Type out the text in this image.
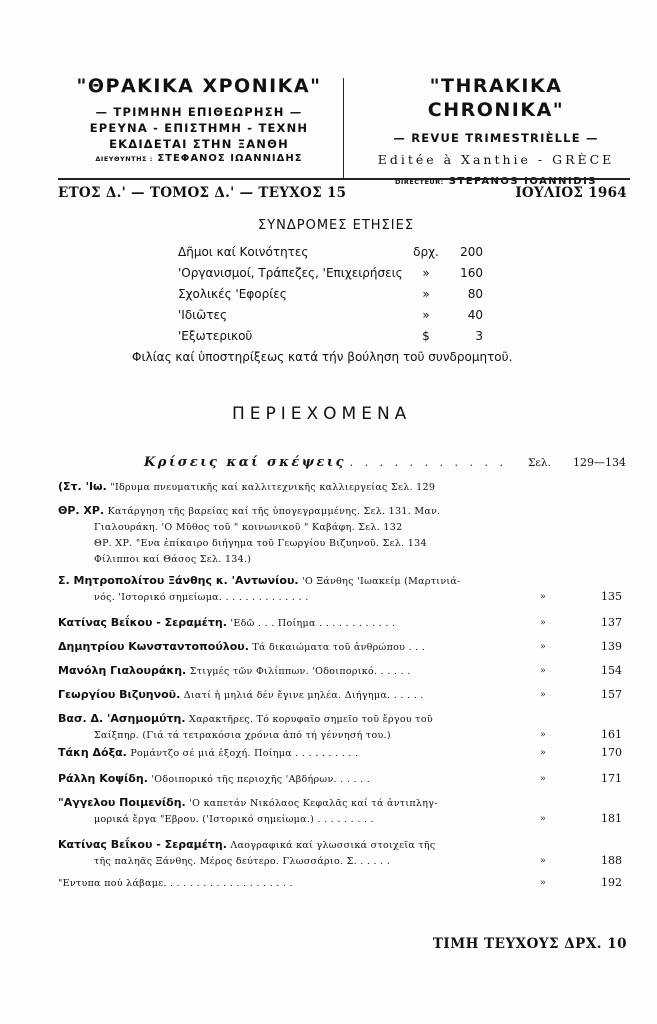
"ΘΡΑΚΙΚΑ ΧΡΟΝΙΚΑ"
— ΤΡΙΜΗΝΗ ΕΠΙΘΕΩΡΗΣΗ —
ΕΡΕΥΝΑ - ΕΠΙΣΤΗΜΗ - ΤΕΧΝΗ
ΕΚΔΙΔΕΤΑΙ ΣΤΗΝ ΞΑΝΘΗ
ΔΙΕΥΘΥΝΤΗΣ : ΣΤΕΦΑΝΟΣ ΙΩΑΝΝΙΔΗΣ
"THRAKIKA CHRONIKA"
— REVUE TRIMESTRIÈLLE —
Editée à Xanthie - GRÈCE
DIRECTEUR: STEFANOS IOANNIDIS
ΕΤΟΣ Δ.' — ΤΟΜΟΣ Δ.' — ΤΕΥΧΟΣ 15	ΙΟΥΛΙΟΣ 1964
ΣΥΝΔΡΟΜΕΣ ΕΤΗΣΙΕΣ
Δῆμοι καί Κοινότητες	δρχ.	200
'Οργανισμοί, Τράπεζες, 'Επιχειρήσεις	»	160
Σχολικές 'Εφορίες	»	80
'Ιδιῶτες	»	40
'Εξωτερικοῦ	$	3
Φιλίας καί ὑποστηρίξεως κατά τήν βούληση τοῦ συνδρομητοῦ.
ΠΕΡΙΕΧΟΜΕΝΑ
Κρίσεις καί σκέψεις . . . . . . . . . . . Σελ. 129—134
(Στ. 'Ιω. "Ιδρυμα πνευματικῆς καί καλλιτεχνικῆς καλλιεργείας Σελ. 129
ΘΡ. ΧΡ. Κατάργηση τῆς βαρείας καί τῆς ὑπογεγραμμένης. Σελ. 131. Μαν.
Γιαλουράκη. 'Ο Μῦθος τοῦ " κοινωνικοῦ " Καβάφη. Σελ. 132
ΘΡ. ΧΡ. "Ενα ἐπίκαιρο διήγημα τοῦ Γεωργίου Βιζυηνοῦ. Σελ. 134
Φίλιπποι καί Θάσος Σελ. 134.)
Σ. Μητροπολίτου Ξάνθης κ. 'Αντωνίου. 'Ο Ξάνθης 'Ιωακείμ (Μαρτινιά-
νός. 'Ιστορικό σημείωμα. . . . . . . . . . . . . .	»	135
Κατίνας Βεΐκου - Σεραμέτη. 'Εδῶ . . . Ποίημα . . . . . . . . . . . .	»	137
Δημητρίου Κωνσταντοπούλου. Τά δικαιώματα τοῦ ἀνθρώπου . . .	»	139
Μανόλη Γιαλουράκη. Στιγμές τῶν Φιλίππων. 'Οδοιπορικό. . . . . .	»	154
Γεωργίου Βιζυηνοῦ. Διατί ἡ μηλιά δέν ἔγινε μηλέα. Διήγημα. . . . . .	»	157
Βασ. Δ. 'Ασημομύτη. Χαρακτῆρες. Τό κορυφαῖο σημεῖο τοῦ ἔργου τοῦ
Σαίξπηρ. (Γιά τά τετρακόσια χρόνια ἀπό τή γέννησή του.)	»	161
Τάκη Δόξα. Ρομάντζο σέ μιά ἐξοχή. Ποίημα . . . . . . . . . .	»	170
Ράλλη Κοψίδη. 'Οδοιπορικό τῆς περιοχῆς 'Αβδήρων. . . . . .	»	171
"Αγγελου Ποιμενίδη. 'Ο καπετάν Νικόλαος Κεφαλᾶς καί τά ἀντιπληγ-
μορικά ἔργα "Εβρου. ('Ιστορικό σημείωμα.) . . . . . . . . .	»	181
Κατίνας Βεΐκου - Σεραμέτη. Λαογραφικά καί γλωσσικά στοιχεῖα τῆς
τῆς παληᾶς Ξάνθης. Μέρος δεύτερο. Γλωσσάριο. Σ. . . . . .	»	188
"Εντυπα πού λάβαμε. . . . . . . . . . . . . . . . . . . .	»	192
ΤΙΜΗ ΤΕΥΧΟΥΣ ΔΡΧ. 10
